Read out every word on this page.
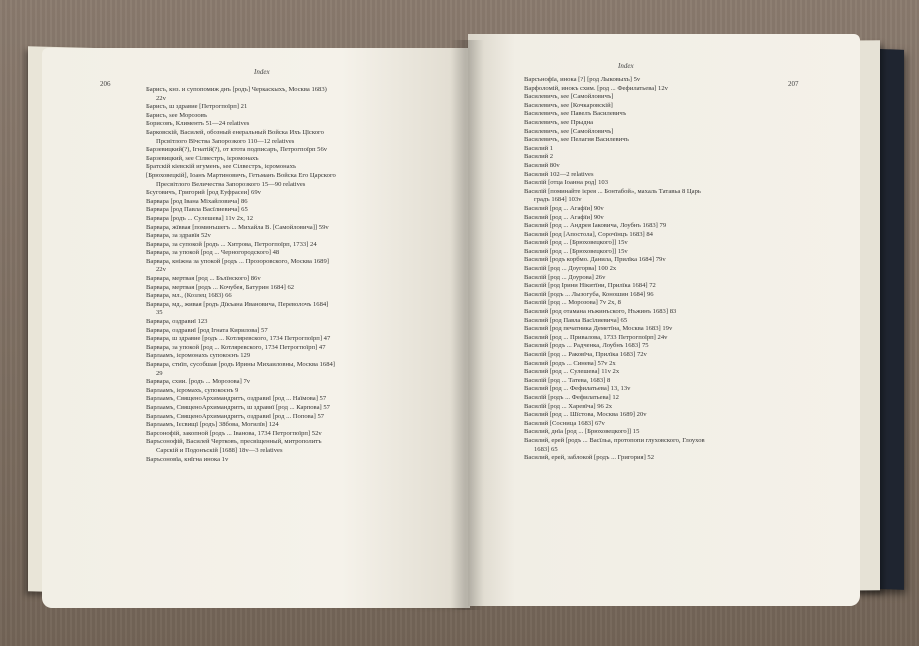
206
Index
Барисъ, кнз. и супопомиж днъ [родъ] Черкаскыхъ, Москва 1683)
22v
Барисъ, ш здравие [Петрогпоїрп] 21
Барисъ, see Морозовъ
Борисовъ, Климентъ 51—24 relatives
Барковскій, Василей, обозный енеральный Войска Ихъ Цїского
Прсвітлого Вїчства Запорозкого 110—12 relatives
Барзевицкий(?), Ігнатій(?), от ктота подписаръ, Петрогпоїрп 56v
Барзевицкий, see Сілвестръ, ієромонахъ
Братскій кіевскій игуменъ, see Сілвестръ, ієромонахъ
[Брюховецкій], Іоанъ Мартиновичъ, Гетьманъ Войска Его Царского
Пресвітлого Величества Запорозкого 15—90 relatives
Бсуговичъ, Григорий [род Еуфрасеи] 69v
Варвара [род Івана Міхайловича] 86
Варвара [род Павла Васїлиевича] 65
Варвара [родъ ... Сулешева] 11v 2x, 12
Варвара, жїввая [поминъшегъ ... Михайла В. [Самойловича]] 59v
Варвара, за здравїя 52v
Варвара, за супокой [родъ ... Хитрова, Петрогпоїрп, 1733] 24
Варвара, за упокой [род ... Черногородского] 48
Варвара, кніжна за упокой [родъ ... Прозоровского, Москва 1689]
22v
Варвара, мертвая [род ... Бълїнского] 86v
Варвара, мертвая [родъ ... Кочубея, Батурин 1684] 62
Варвара, мл., (Козлец 1683) 66
Варвара, мд., живая [родъ Дїкъана Ивановича, Переволочъ 1684]
35
Варвара, оздравиї 123
Варвара, оздравиї [род Ігната Кирилова] 57
Варвара, ш здравие [родъ ... Котляревского, 1734 Петрогпоїрп] 47
Варвара, за упокой [род ... Котляревского, 1734 Петрогпоїрп] 47
Варлаамъ, ієромонахъ супокоєнъ 129
Варвара, стиїп, сусобшая [родъ Ирины Михаиловны, Москва 1684]
29
Варвара, схии. [родъ ... Морозова] 7v
Варлаамъ, ієромахъ, супокоєнъ 9
Варлаамъ, СвященоАрхимандритъ, оздравиї [род ... Наїмова] 57
Варлаамъ, СвященоАрхимандритъ, ш здравиї [род ... Карпова] 57
Варлаамъ, СвященоАрхимандритъ, оздравиї [род ... Попова] 57
Варлаамъ, Ієсвищї [родъ] 38бова, Могилїв] 124
Варсонофій, закопной [родъ ... Іванова, 1734 Петрогпоїрп] 52v
Варъсонофій, Василей Чертковъ, пресвіщенный, митрополитъ
Сарскій и Подонъскій [1688] 18v—3 relatives
Варъсоновїа, кнїгна инока 1v
207
Index
Варсънофїа, инока [?] [род Лыковыхъ] 5v
Варфоломій, инокъ схим. [род ... Фефилатьева] 12v
Василевичъ, see [Самойловичъ]
Василевичъ, see [Кочкаровскій]
Василевичъ, see Павелъ Василевичъ
Василевичъ, see Прыдна
Василевичъ, see [Самойловичъ]
Василевичъ, see Пелагия Василевичъ
Василий 1
Василий 2
Василий 80v
Василий 102—2 relatives
Василій [отца Іоанна род] 103
Василій [поминайте ієрея ... Бонтабой», махаль Татавьа 8 Царь
градъ 1684] 103v
Василий [род ... Агафїи] 90v
Василий [род ... Агафїи] 90v
Василий [род ... Андрея Іаковича, Лоубнъ 1683] 79
Василий [род [Апостола], Сорочїнцъ 1683] 84
Василий [род ... [Брюховецкого]] 15v
Василий [род ... [Брюховецкого]] 15v
Василий [родъ корбмо. Данила, Прилїка 1684] 79v
Василій [род ... Доугорва] 100 2x
Василій [род ... Доурова] 26v
Василій [род Ірини Нікитїни, Прилїка 1684] 72
Василій [родъ ... Лызогуба, Коношин 1684] 96
Василій [род ... Морозова] 7v 2x, 8
Василий [род отамана нъжинъского, Нъжинъ 1683] 83
Василий [род Павла Васїлиевича] 65
Василий [род печатника Деметїна, Москва 1683] 19v
Василий [род ... Привалова, 1733 Петрогпоїрп] 24v
Василий [родъ ... Радченка, Лоубнъ 1683] 75
Василій [род ... Раковїча, Прилїка 1683] 72v
Василий [родъ ... Синева] 57v 2x
Василий [род ... Сулешева] 11v 2x
Василій [род ... Татева, 1683] 8
Василий [род ... Фефилатьева] 13, 13v
Василїй [родъ ... Фефилатьева] 12
Василїй [род ... Харевїча] 96 2x
Василий [род ... Шїстова, Москва 1689] 20v
Василий [Сосница 1683] 67v
Василий, днїа [род ... [Брюховецкого]] 15
Василий, ерей [родъ ... Васїльа, протопопи глуховского, Глоухов
1683] 65
Василий, ерей, заблокой [родъ ... Григория] 52
